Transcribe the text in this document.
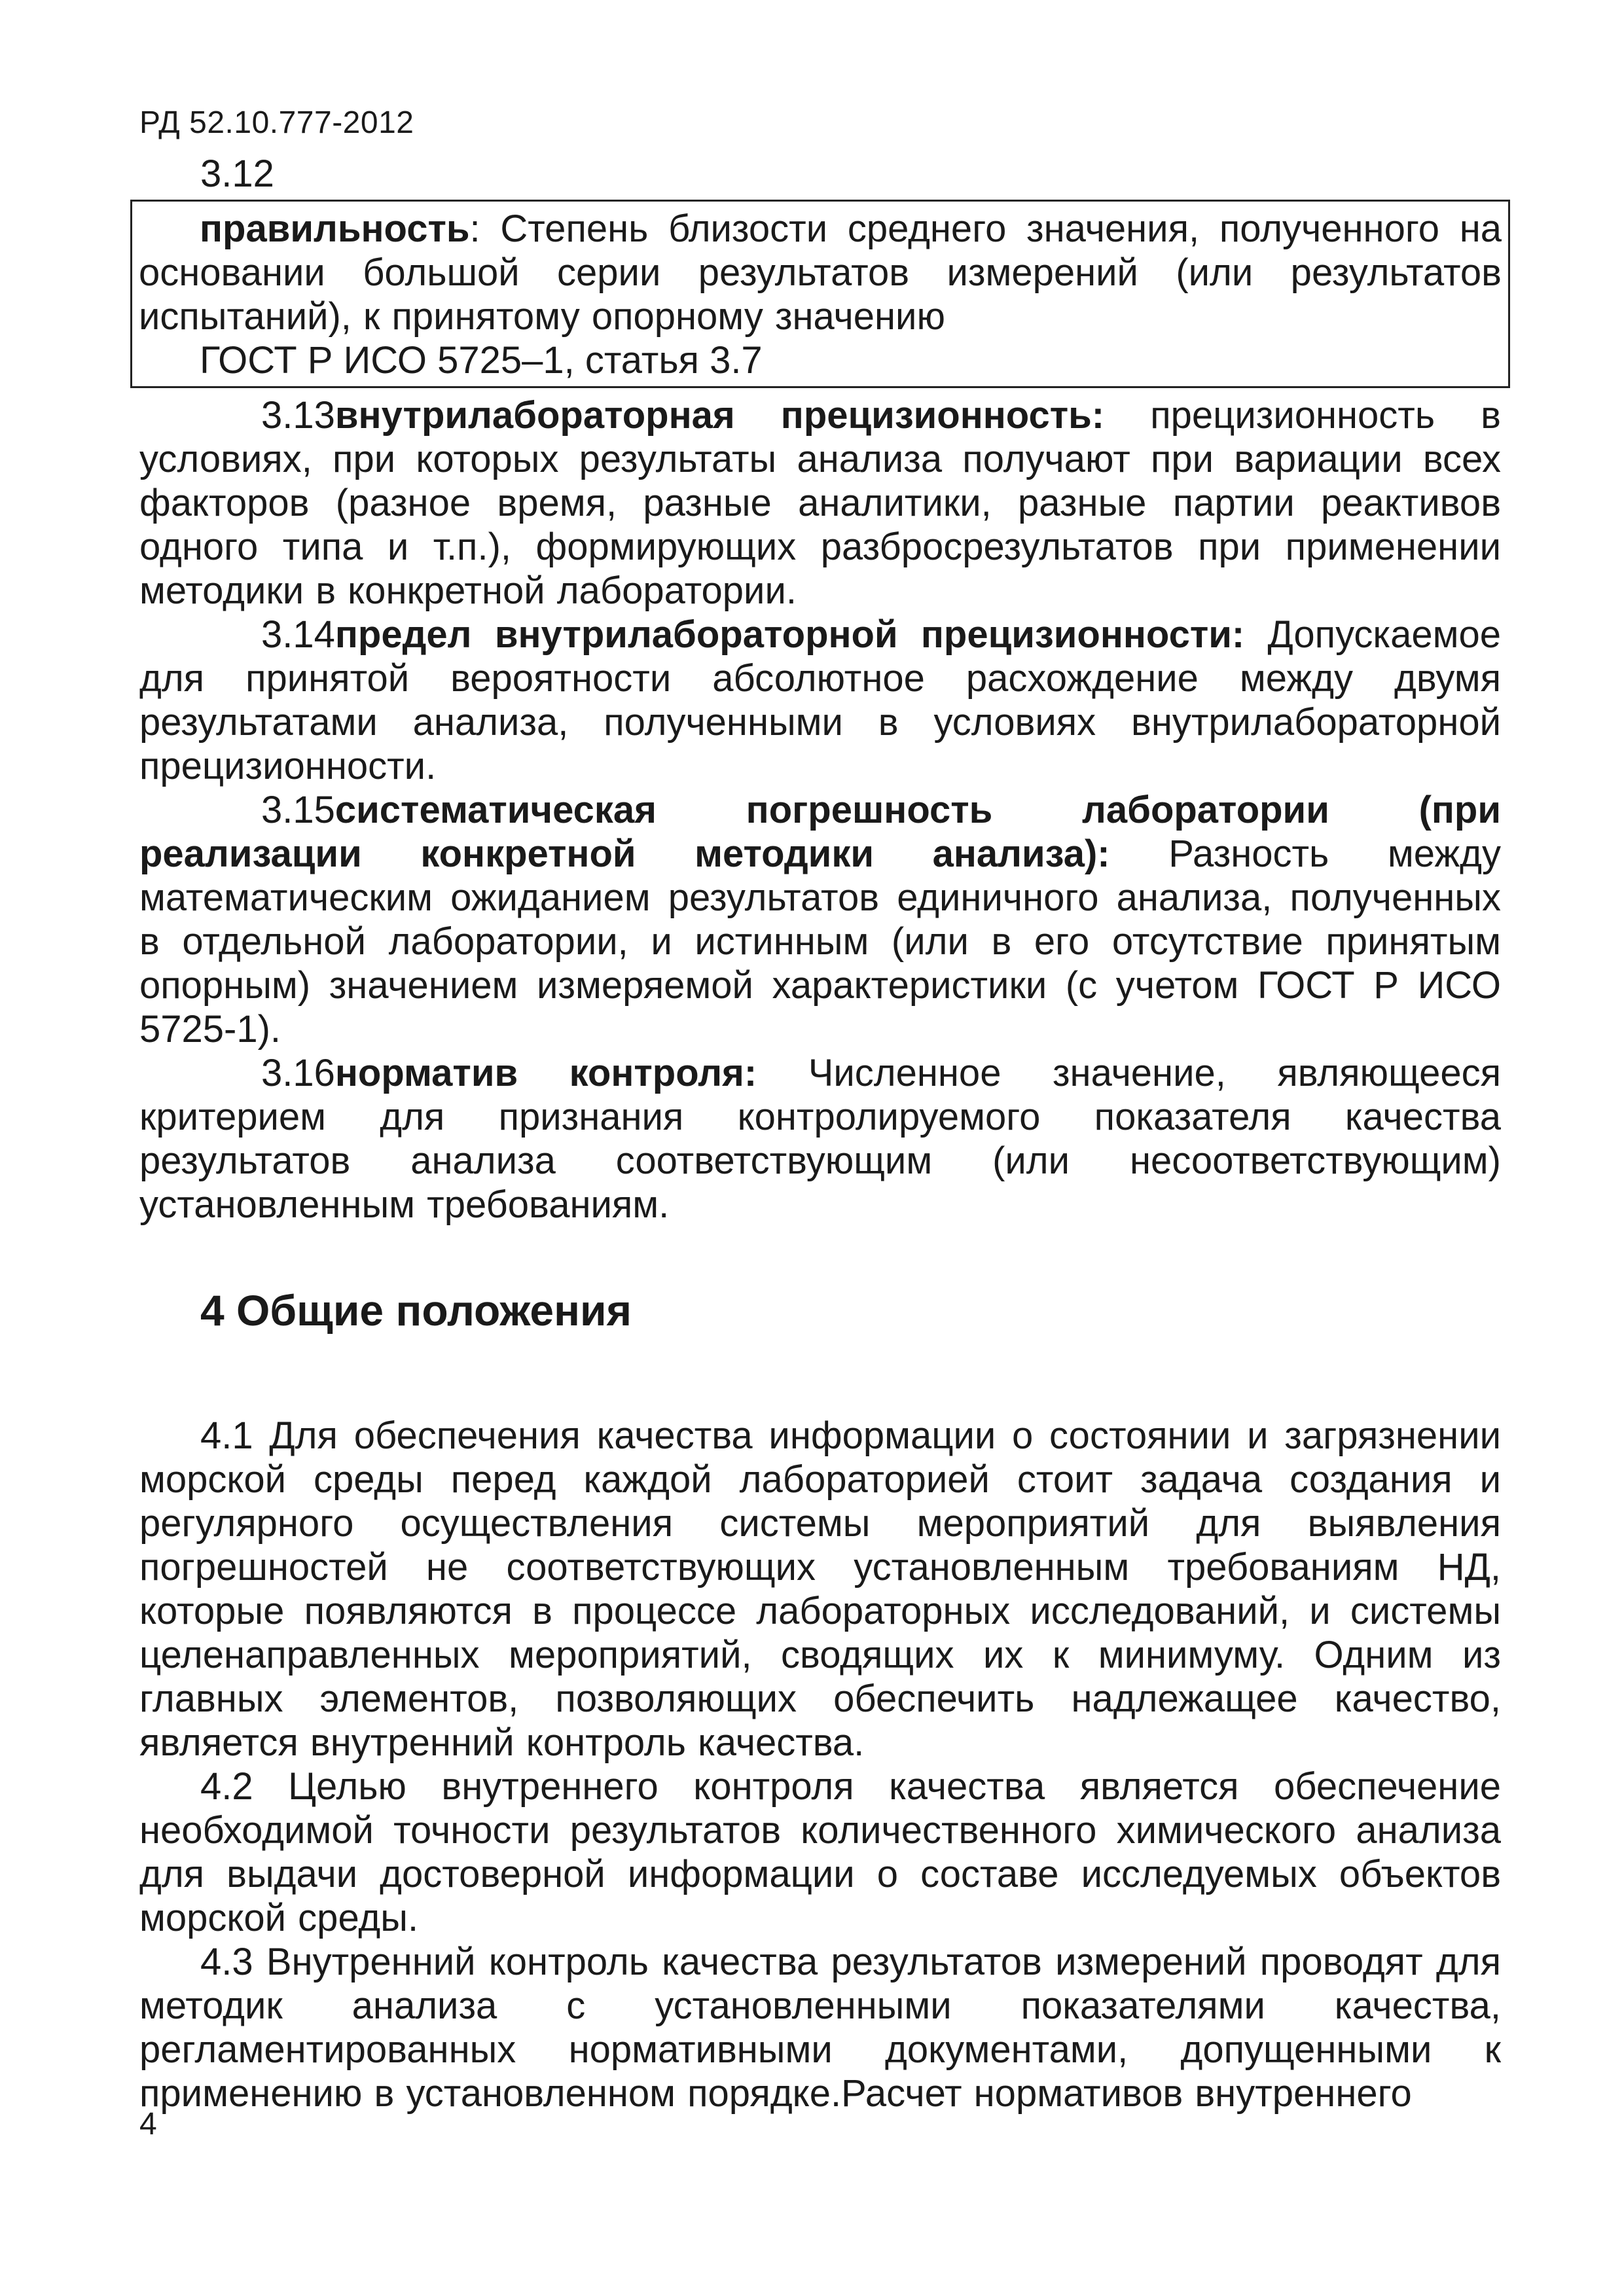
РД 52.10.777-2012

3.12

правильность: Степень близости среднего значения, полученного на основании большой серии результатов измерений (или результатов испытаний), к принятому опорному значению

ГОСТ Р ИСО 5725–1, статья 3.7

3.13внутрилабораторная прецизионность: прецизионность в условиях, при которых результаты анализа получают при вариации всех факторов (разное время, разные аналитики, разные партии реактивов одного типа и т.п.), формирующих разбросрезультатов при применении методики в конкретной лаборатории.

3.14предел внутрилабораторной прецизионности: Допускаемое для принятой вероятности абсолютное расхождение между двумя результатами анализа, полученными в условиях внутрилабораторной прецизионности.

3.15систематическая погрешность лаборатории (при реализации конкретной методики анализа): Разность между математическим ожиданием результатов единичного анализа, полученных в отдельной лаборатории, и истинным (или в его отсутствие принятым опорным) значением измеряемой характеристики (с учетом ГОСТ Р ИСО 5725-1).

3.16норматив контроля: Численное значение, являющееся критерием для признания контролируемого показателя качества результатов анализа соответствующим (или несоответствующим) установленным требованиям.

4 Общие положения

4.1 Для обеспечения качества информации о состоянии и загрязнении морской среды перед каждой лабораторией стоит задача создания и регулярного осуществления системы мероприятий для выявления погрешностей не соответствующих установленным требованиям НД, которые появляются в процессе лабораторных исследований, и системы целенаправленных мероприятий, сводящих их к минимуму. Одним из главных элементов, позволяющих обеспечить надлежащее качество, является внутренний контроль качества.

4.2 Целью внутреннего контроля качества является обеспечение необходимой точности результатов количественного химического анализа для выдачи достоверной информации о составе исследуемых объектов морской среды.

4.3 Внутренний контроль качества результатов измерений проводят для методик анализа с установленными показателями качества, регламентированных нормативными документами, допущенными к применению в установленном порядке.Расчет нормативов внутреннего

4
